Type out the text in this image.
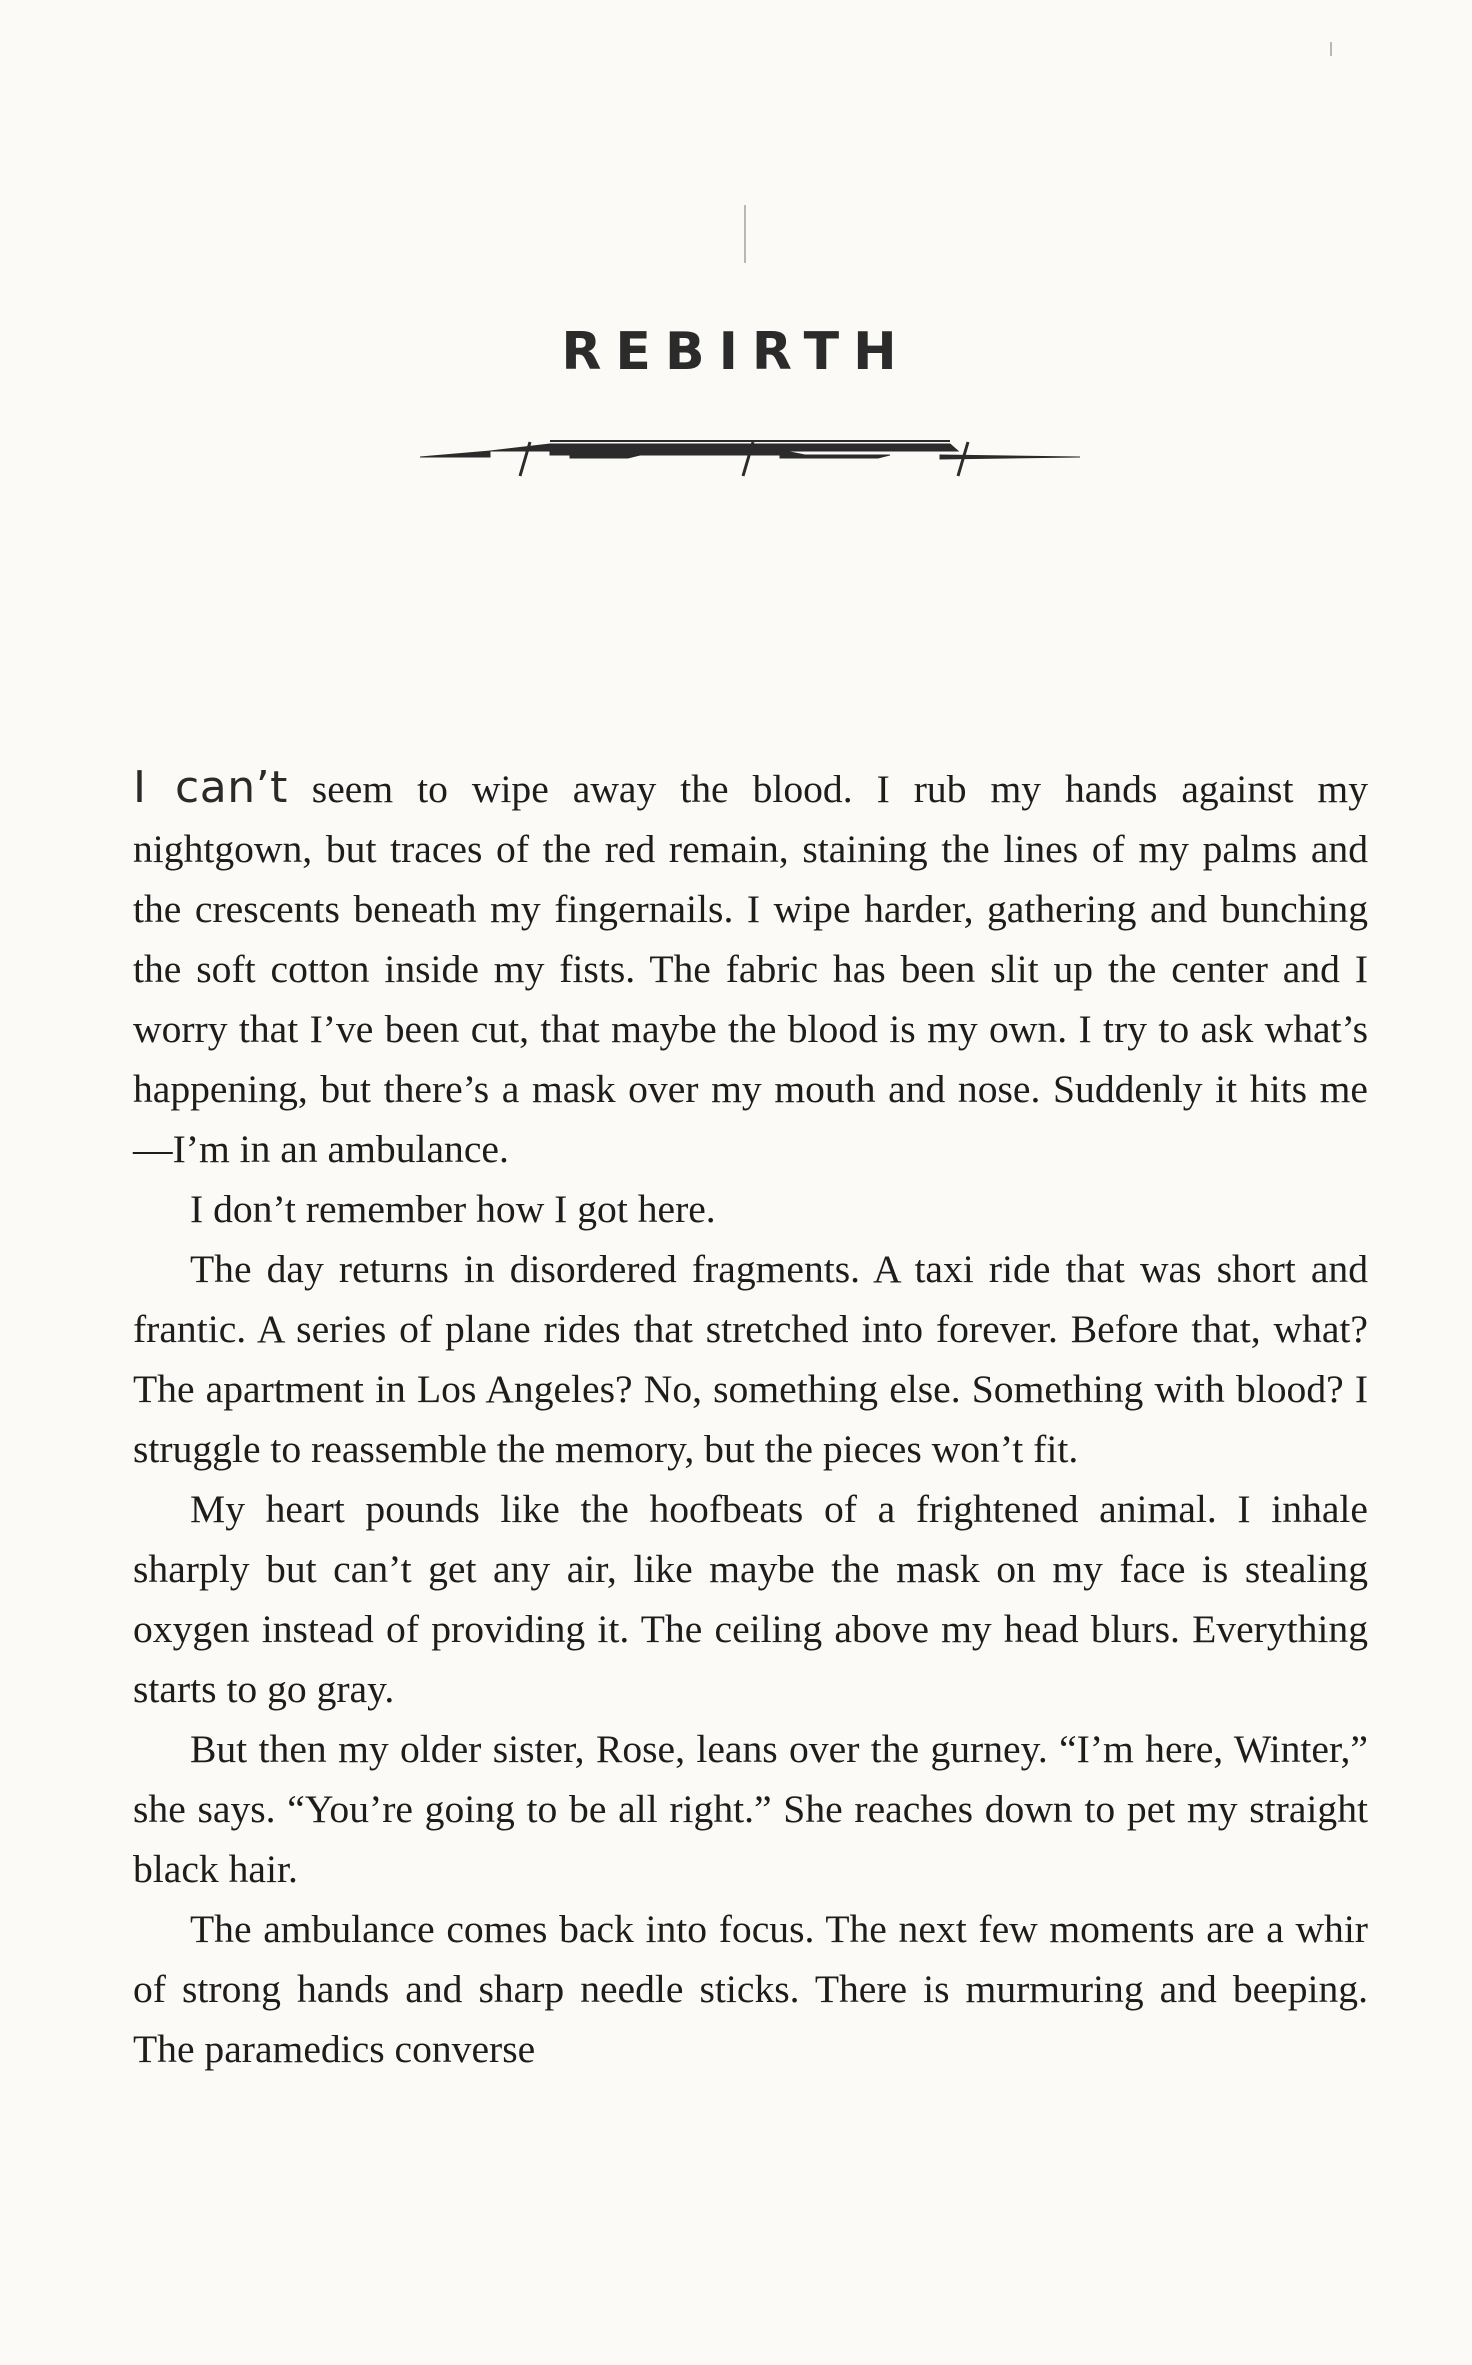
REBIRTH

I can’t seem to wipe away the blood. I rub my hands against my nightgown, but traces of the red remain, staining the lines of my palms and the crescents beneath my fingernails. I wipe harder, gathering and bunching the soft cotton inside my fists. The fabric has been slit up the center and I worry that I’ve been cut, that maybe the blood is my own. I try to ask what’s happening, but there’s a mask over my mouth and nose. Suddenly it hits me—I’m in an ambulance.

I don’t remember how I got here.

The day returns in disordered fragments. A taxi ride that was short and frantic. A series of plane rides that stretched into forever. Before that, what? The apartment in Los Angeles? No, something else. Something with blood? I struggle to reassemble the memory, but the pieces won’t fit.

My heart pounds like the hoofbeats of a frightened animal. I inhale sharply but can’t get any air, like maybe the mask on my face is stealing oxygen instead of providing it. The ceiling above my head blurs. Everything starts to go gray.

But then my older sister, Rose, leans over the gurney. “I’m here, Winter,” she says. “You’re going to be all right.” She reaches down to pet my straight black hair.

The ambulance comes back into focus. The next few moments are a whir of strong hands and sharp needle sticks. There is murmuring and beeping. The paramedics converse
